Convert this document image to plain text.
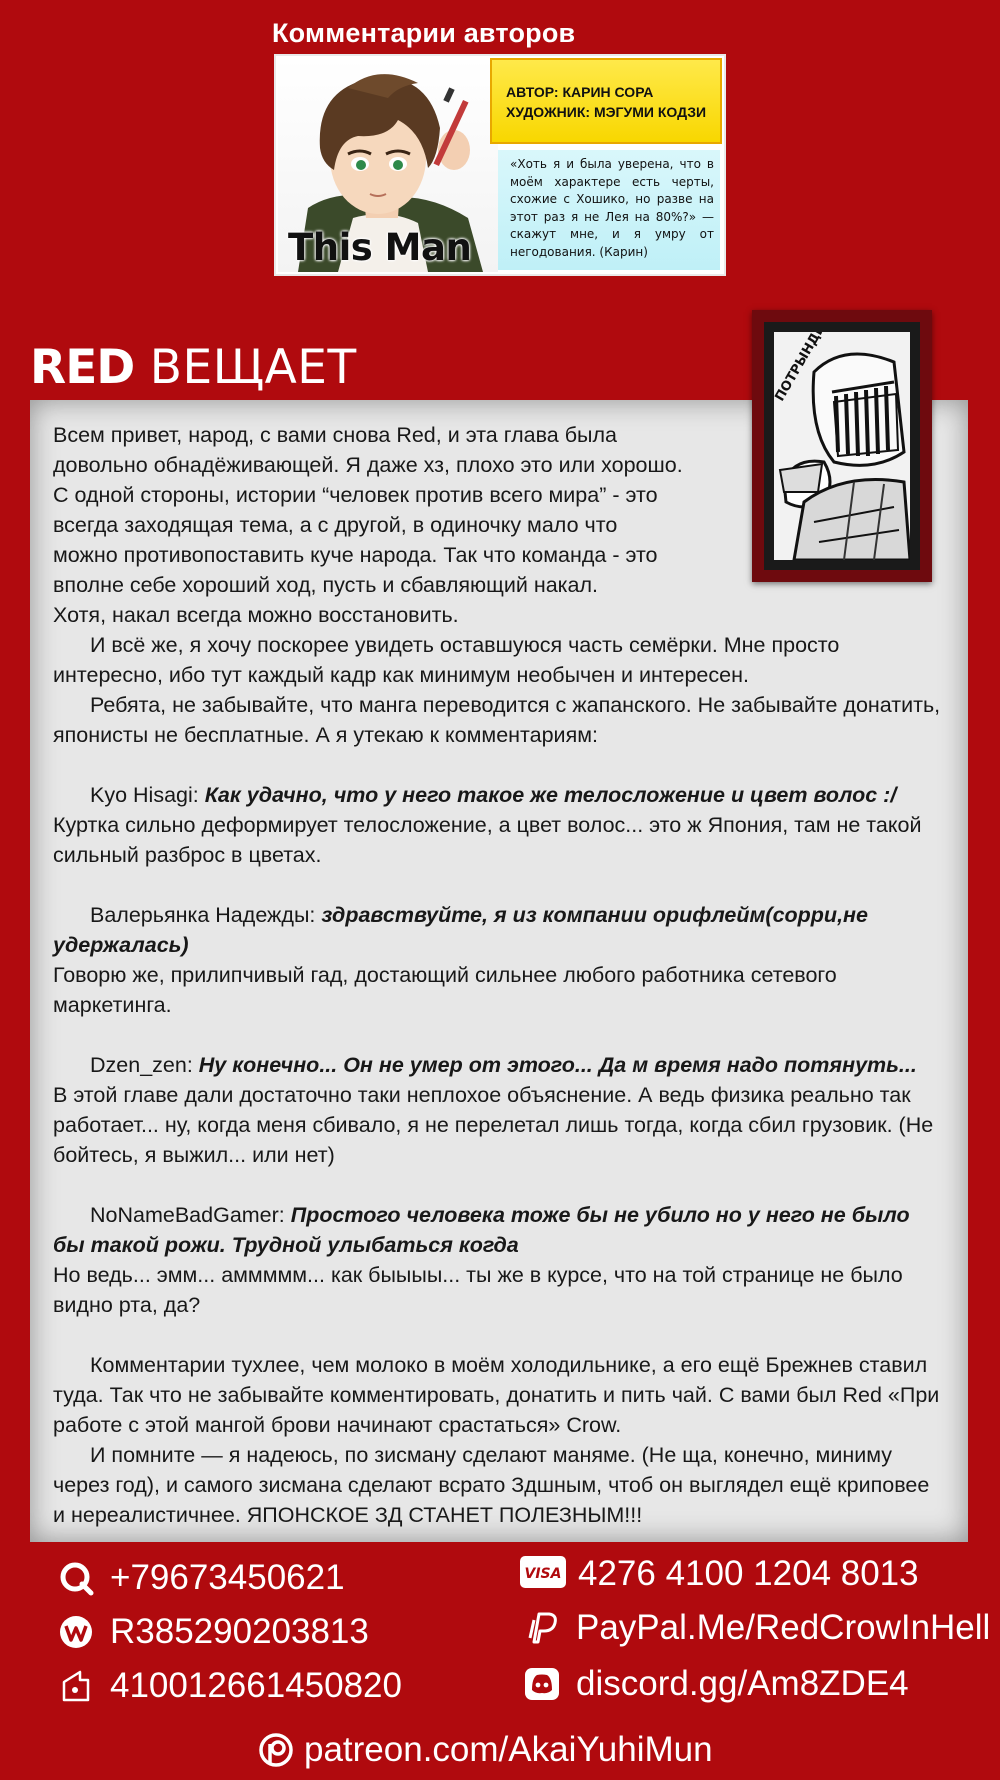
Комментарии авторов
This Man
АВТОР: КАРИН СОРА
ХУДОЖНИК: МЭГУМИ КОДЗИ
«Хоть я и была уверена, что в моём характере есть черты, схожие с Хошико, но разве на этот раз я не Лея на 80%?» — скажут мне, и я умру от негодования. (Карин)
RED ВЕЩАЕТ

Всем привет, народ, с вами снова Red, и эта глава была

довольно обнадёживающей. Я даже хз, плохо это или хорошо.

С одной стороны, истории “человек против всего мира” - это

всегда заходящая тема, а с другой, в одиночку мало что

можно противопоставить куче народа. Так что команда - это

вполне себе хороший ход, пусть и сбавляющий накал.

Хотя, накал всегда можно восстановить.

И всё же, я хочу поскорее увидеть оставшуюся часть семёрки. Мне просто интересно, ибо тут каждый кадр как минимум необычен и интересен.

Ребята, не забывайте, что манга переводится с жапанского. Не забывайте донатить, японисты не бесплатные. А я утекаю к комментариям:

Kyo Hisagi: Как удачно, что у него такое же телосложение и цвет волос :/

Куртка сильно деформирует телосложение, а цвет волос... это ж Япония, там не такой сильный разброс в цветах.

Валерьянка Надежды: здравствуйте, я из компании орифлейм(сорри,не удержалась)

Говорю же, прилипчивый гад, достающий сильнее любого работника сетевого маркетинга.

Dzen_zen: Ну конечно... Он не умер от этого... Да м время надо потянуть...

В этой главе дали достаточно таки неплохое объяснение. А ведь физика реально так работает... ну, когда меня сбивало, я не перелетал лишь тогда, когда сбил грузовик. (Не бойтесь, я выжил... или нет)

NoNameBadGamer: Простого человека тоже бы не убило но у него не было бы такой рожи. Трудной улыбаться когда

Но ведь... эмм... аммммм... как быыыы... ты же в курсе, что на той странице не было видно рта, да?

Комментарии тухлее, чем молоко в моём холодильнике, а его ещё Брежнев ставил туда. Так что не забывайте комментировать, донатить и пить чай. С вами был Red «При работе с этой мангой брови начинают срастаться» Crow.

И помните — я надеюсь, по зисману сделают маняме. (Не ща, конечно, миниму через год), и самого зисмана сделают всрато Здшным, чтоб он выглядел ещё криповее и нереалистичнее. ЯПОНСКОЕ ЗД СТАНЕТ ПОЛЕЗНЫМ!!!

+79673450621
R385290203813
410012661450820
VISA 4276 4100 1204 8013
PayPal.Me/RedCrowInHell
discord.gg/Am8ZDE4
patreon.com/AkaiYuhiMun
